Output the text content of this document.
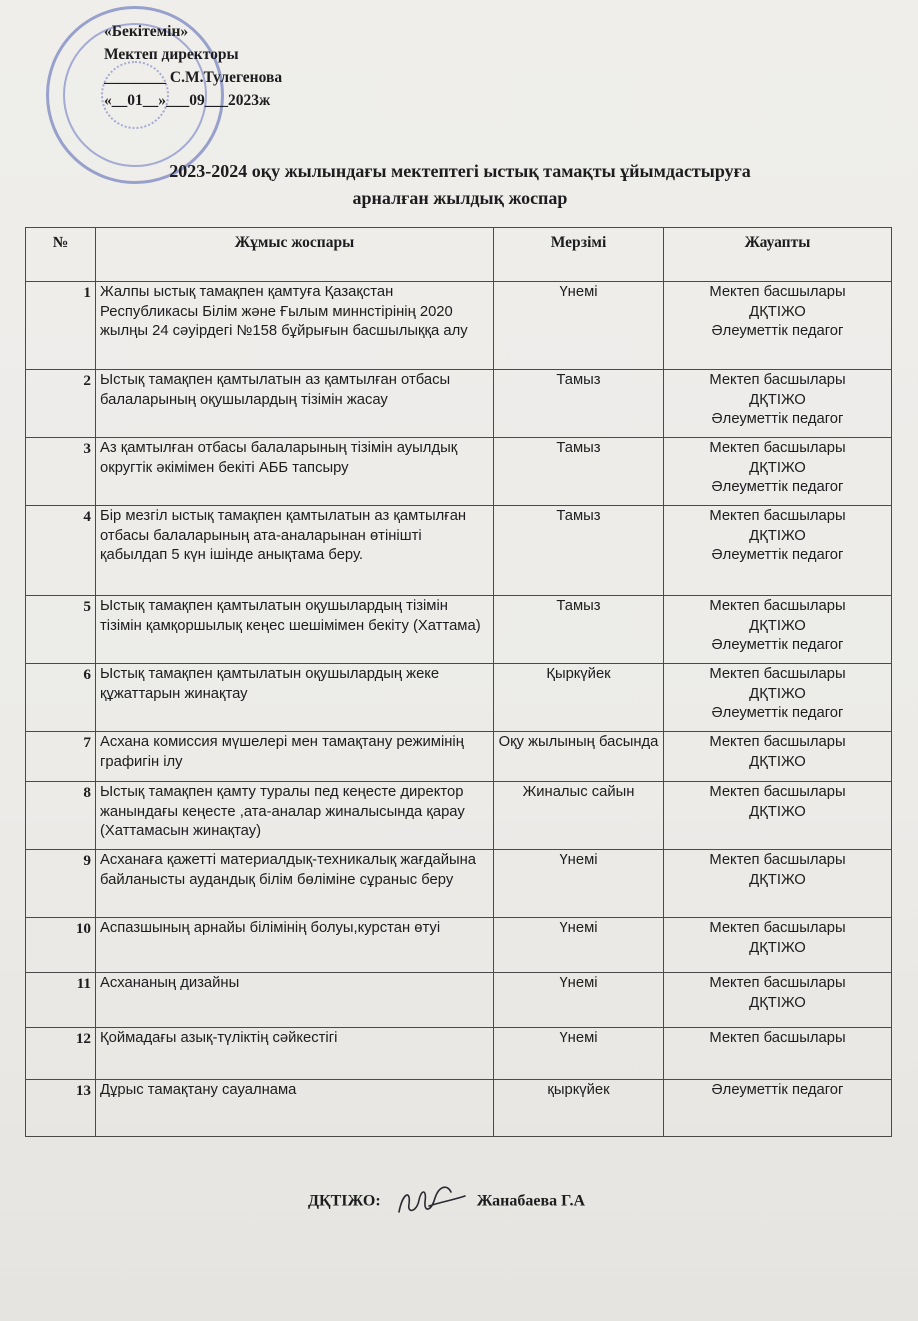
«Бекітемін»
Мектеп директоры
________ С.М.Тулегенова
«__01__»___09___2023ж
2023-2024 оқу жылындағы мектептегі ыстық тамақты ұйымдастыруға
арналған жылдық жоспар
№	Жұмыс жоспары	Мерзімі	Жауапты
1	Жалпы ыстық тамақпен қамтуға Қазақстан Республикасы Білім және Ғылым миннстірінің 2020 жылңы 24 сәуірдегі №158 бұйрығын басшылыққа алу	Үнемі	Мектеп басшылары
ДҚТІЖО
Әлеуметтік педагог

2	Ыстық тамақпен қамтылатын аз қамтылған отбасы балаларының оқушылардың тізімін жасау	Тамыз	Мектеп басшылары
ДҚТІЖО
Әлеуметтік педагог

3	Аз қамтылған отбасы балаларының тізімін ауылдық округтік әкімімен бекіті АББ тапсыру	Тамыз	Мектеп басшылары
ДҚТІЖО
Әлеуметтік педагог

4	Бір мезгіл ыстық тамақпен қамтылатын аз қамтылған отбасы балаларының ата-аналарынан өтінішті қабылдап 5 күн ішінде анықтама беру.	Тамыз	Мектеп басшылары
ДҚТІЖО
Әлеуметтік педагог

5	Ыстық тамақпен қамтылатын оқушылардың тізімін тізімін қамқоршылық кеңес шешімімен бекіту (Хаттама)	Тамыз	Мектеп басшылары
ДҚТІЖО
Әлеуметтік педагог

6	Ыстық тамақпен қамтылатын оқушылардың жеке құжаттарын жинақтау	Қыркүйек	Мектеп басшылары
ДҚТІЖО
Әлеуметтік педагог

7	Асхана комиссия мүшелері мен тамақтану режимінің графигін ілу	Оқу жылының басында	Мектеп басшылары
ДҚТІЖО

8	Ыстық тамақпен қамту туралы пед кеңесте директор жанындағы кеңесте ,ата-аналар жиналысында қарау (Хаттамасын жинақтау)	Жиналыс сайын	Мектеп басшылары
ДҚТІЖО

9	Асханаға қажетті материалдық-техникалық жағдайына байланысты аудандық білім бөліміне сұраныс беру	Үнемі	Мектеп басшылары
ДҚТІЖО

10	Аспазшының арнайы білімінің болуы,курстан өтуі	Үнемі	Мектеп басшылары
ДҚТІЖО

11	Асхананың дизайны	Үнемі	Мектеп басшылары
ДҚТІЖО

12	Қоймадағы азық-түліктің сәйкестігі	Үнемі	Мектеп басшылары

13	Дұрыс тамақтану сауалнама	қыркүйек	Әлеуметтік педагог
ДҚТІЖО:	Жанабаева Г.А
